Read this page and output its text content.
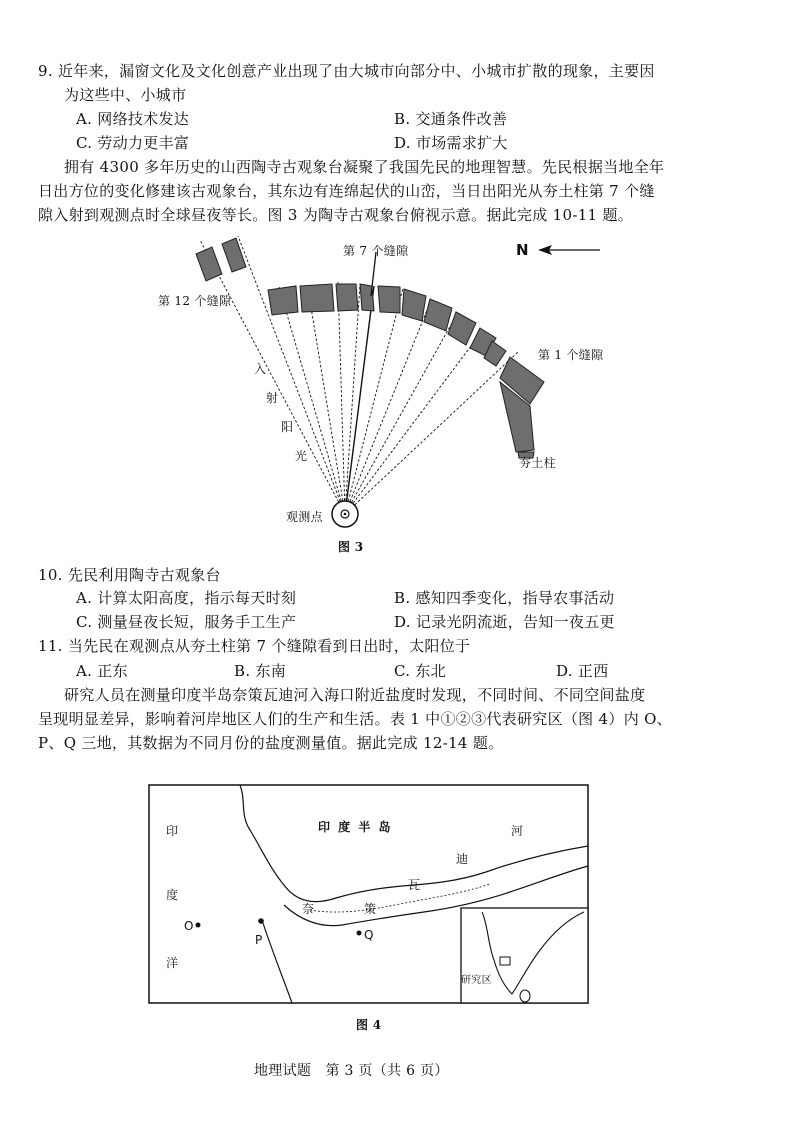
9. 近年来，漏窗文化及文化创意产业出现了由大城市向部分中、小城市扩散的现象，主要因
为这些中、小城市
A. 网络技术发达	B. 交通条件改善
C. 劳动力更丰富	D. 市场需求扩大
拥有 4300 多年历史的山西陶寺古观象台凝聚了我国先民的地理智慧。先民根据当地全年
日出方位的变化修建该古观象台，其东边有连绵起伏的山峦，当日出阳光从夯土柱第 7 个缝
隙入射到观测点时全球昼夜等长。图 3 为陶寺古观象台俯视示意。据此完成 10-11 题。
第 7 个缝隙
第 12 个缝隙
第 1 个缝隙
N
入
射
阳
光	夯土柱
观测点
图 3
10. 先民利用陶寺古观象台
A. 计算太阳高度，指示每天时刻	B. 感知四季变化，指导农事活动
C. 测量昼夜长短，服务手工生产	D. 记录光阴流逝，告知一夜五更
11. 当先民在观测点从夯土柱第 7 个缝隙看到日出时，太阳位于
A. 正东	B. 东南	C. 东北	D. 正西
研究人员在测量印度半岛奈策瓦迪河入海口附近盐度时发现，不同时间、不同空间盐度
呈现明显差异，影响着河岸地区人们的生产和生活。表 1 中①②③代表研究区（图 4）内 O、
P、Q 三地，其数据为不同月份的盐度测量值。据此完成 12-14 题。
印 度 半 岛
印
度
洋
奈	策
瓦
迪
河
O
P	Q
研究区
图 4
地理试题　第 3 页（共 6 页）
